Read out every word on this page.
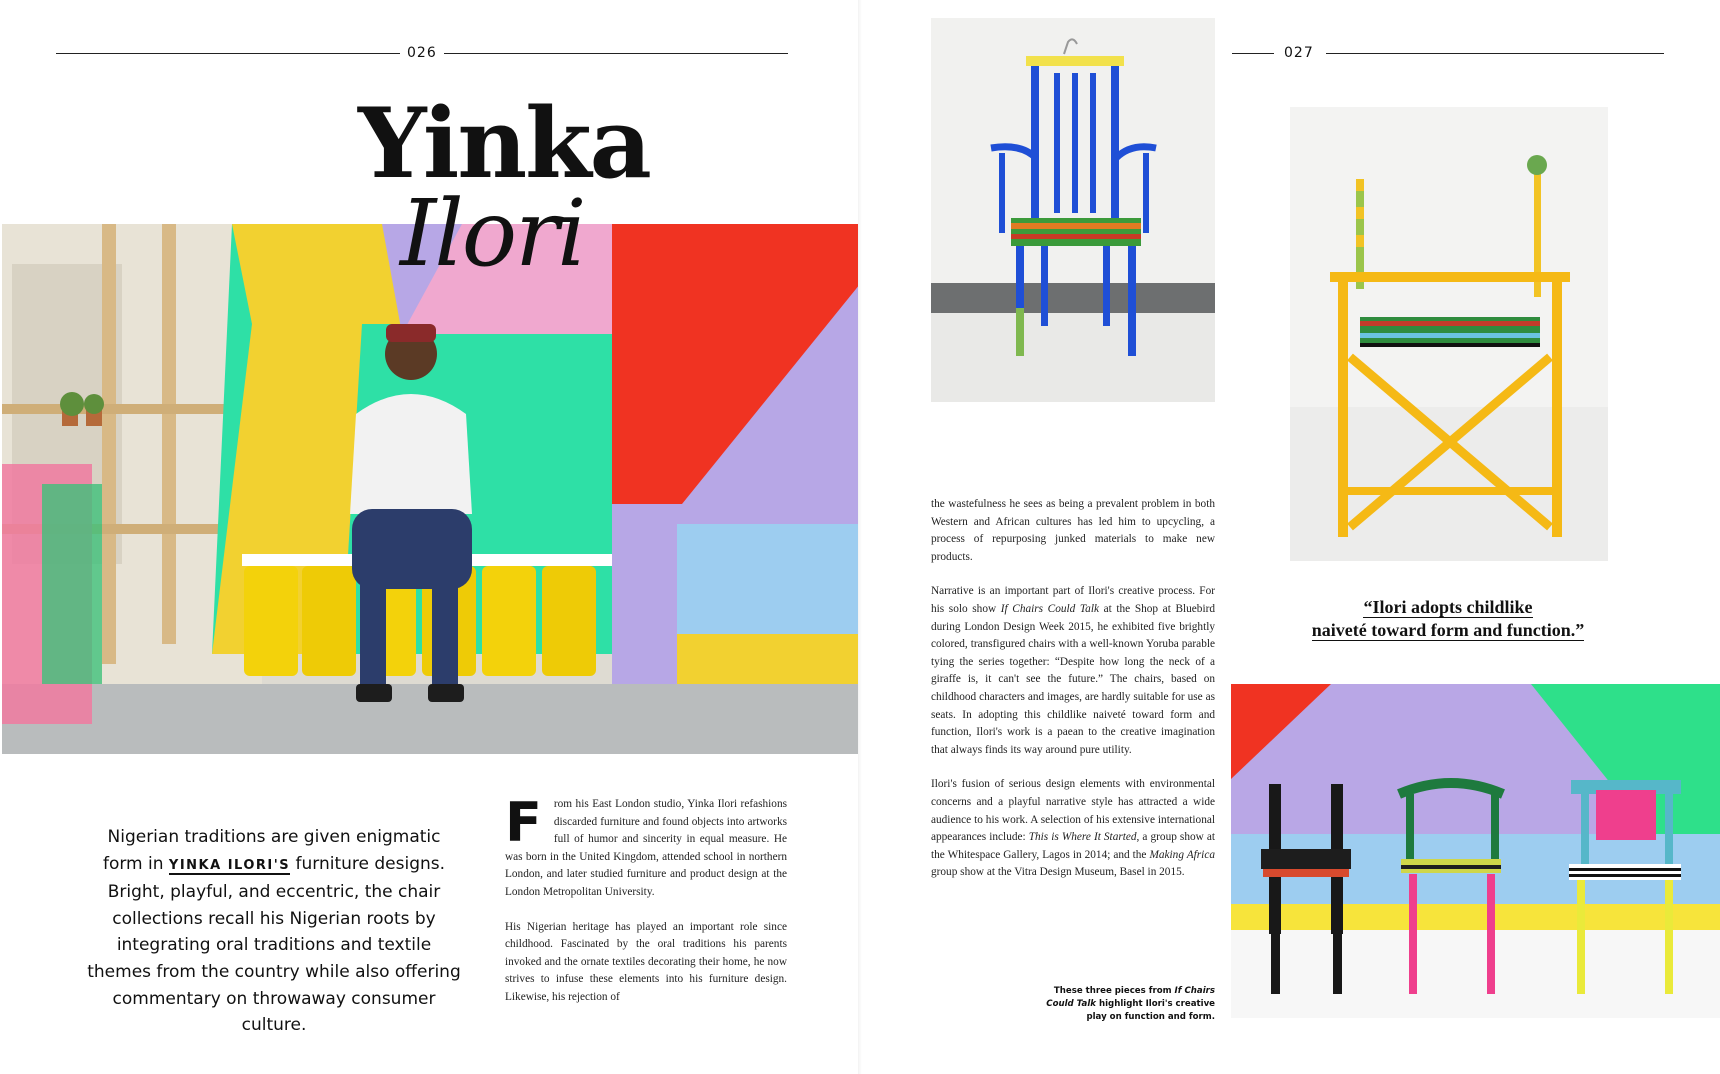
026
Yinka
Ilori
Nigerian traditions are given enigmatic form in YINKA ILORI'S furniture designs. Bright, playful, and eccentric, the chair collections recall his Nigerian roots by integrating oral traditions and textile themes from the country while also offering commentary on throwaway consumer culture.

F rom his East London studio, Yinka Ilori refashions discarded furniture and found objects into artworks full of humor and sincerity in equal measure. He was born in the United Kingdom, attended school in northern London, and later studied furniture and product design at the London Metropolitan University.

His Nigerian heritage has played an important role since childhood. Fascinated by the oral traditions his parents invoked and the ornate textiles decorating their home, he now strives to infuse these elements into his furniture design. Likewise, his rejection of

027
“Ilori adopts childlike
naiveté toward form and function.”

the wastefulness he sees as being a prevalent problem in both Western and African cultures has led him to upcycling, a process of repurposing junked materials to make new products.

Narrative is an important part of Ilori's creative process. For his solo show If Chairs Could Talk at the Shop at Bluebird during London Design Week 2015, he exhibited five brightly colored, transfigured chairs with a well-known Yoruba parable tying the series together: “Despite how long the neck of a giraffe is, it can't see the future.” The chairs, based on childhood characters and images, are hardly suitable for use as seats. In adopting this childlike naiveté toward form and function, Ilori's work is a paean to the creative imagination that always finds its way around pure utility.

Ilori's fusion of serious design elements with environmental concerns and a playful narrative style has attracted a wide audience to his work. A selection of his extensive international appearances include: This is Where It Started, a group show at the Whitespace Gallery, Lagos in 2014; and the Making Africa group show at the Vitra Design Museum, Basel in 2015.

These three pieces from If Chairs Could Talk highlight Ilori's creative play on function and form.
